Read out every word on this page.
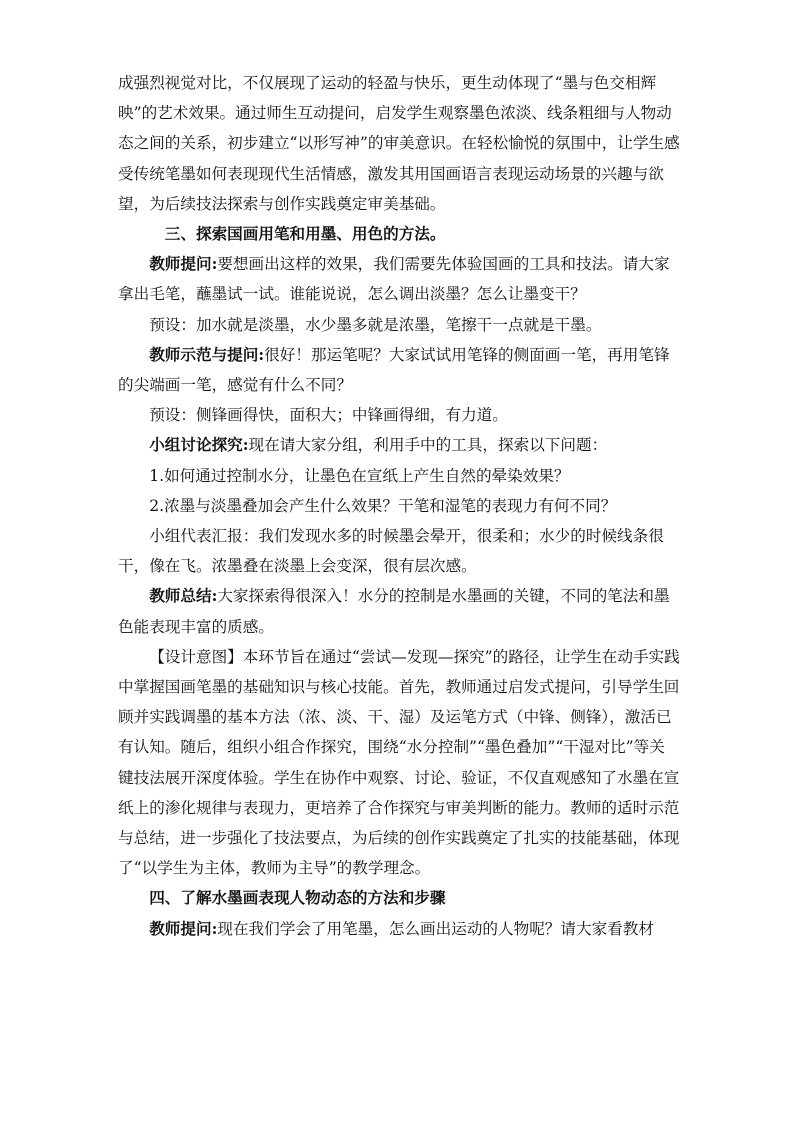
成强烈视觉对比，不仅展现了运动的轻盈与快乐，更生动体现了“墨与色交相辉映”的艺术效果。通过师生互动提问，启发学生观察墨色浓淡、线条粗细与人物动态之间的关系，初步建立“以形写神”的审美意识。在轻松愉悦的氛围中，让学生感受传统笔墨如何表现现代生活情感，激发其用国画语言表现运动场景的兴趣与欲望，为后续技法探索与创作实践奠定审美基础。

三、探索国画用笔和用墨、用色的方法。

教师提问:要想画出这样的效果，我们需要先体验国画的工具和技法。请大家拿出毛笔，蘸墨试一试。谁能说说，怎么调出淡墨？怎么让墨变干？

预设：加水就是淡墨，水少墨多就是浓墨，笔擦干一点就是干墨。

教师示范与提问:很好！那运笔呢？大家试试用笔锋的侧面画一笔，再用笔锋的尖端画一笔，感觉有什么不同？

预设：侧锋画得快，面积大；中锋画得细，有力道。

小组讨论探究:现在请大家分组，利用手中的工具，探索以下问题：

1.如何通过控制水分，让墨色在宣纸上产生自然的晕染效果？

2.浓墨与淡墨叠加会产生什么效果？干笔和湿笔的表现力有何不同？

小组代表汇报：我们发现水多的时候墨会晕开，很柔和；水少的时候线条很干，像在飞。浓墨叠在淡墨上会变深，很有层次感。

教师总结:大家探索得很深入！水分的控制是水墨画的关键，不同的笔法和墨色能表现丰富的质感。

【设计意图】本环节旨在通过“尝试—发现—探究”的路径，让学生在动手实践中掌握国画笔墨的基础知识与核心技能。首先，教师通过启发式提问，引导学生回顾并实践调墨的基本方法（浓、淡、干、湿）及运笔方式（中锋、侧锋），激活已有认知。随后，组织小组合作探究，围绕“水分控制”“墨色叠加”“干湿对比”等关键技法展开深度体验。学生在协作中观察、讨论、验证，不仅直观感知了水墨在宣纸上的渗化规律与表现力，更培养了合作探究与审美判断的能力。教师的适时示范与总结，进一步强化了技法要点，为后续的创作实践奠定了扎实的技能基础，体现了“以学生为主体，教师为主导”的教学理念。

四、了解水墨画表现人物动态的方法和步骤

教师提问:现在我们学会了用笔墨，怎么画出运动的人物呢？请大家看教材
